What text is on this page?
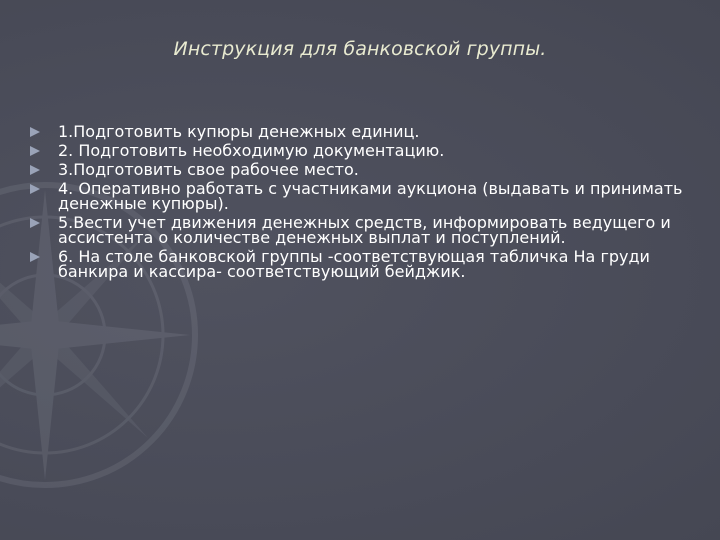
Инструкция для банковской группы.
1.Подготовить купюры денежных единиц.
2. Подготовить необходимую документацию.
3.Подготовить свое рабочее место.
4. Оперативно работать с участниками аукциона (выдавать и принимать денежные купюры).
5.Вести учет движения денежных средств, информировать ведущего и ассистента о количестве денежных выплат и поступлений.
6. На столе банковской группы -соответствующая табличка На груди банкира и кассира- соответствующий бейджик.
